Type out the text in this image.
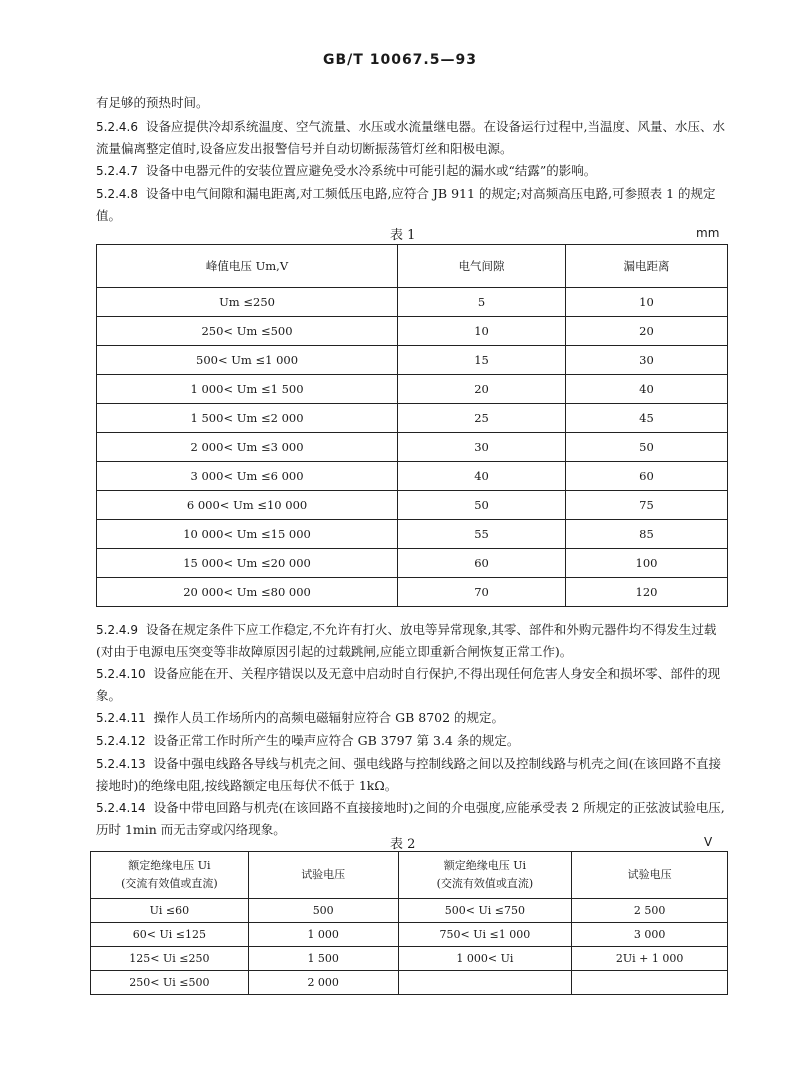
GB/T 10067.5—93

有足够的预热时间。

5.2.4.6 设备应提供冷却系统温度、空气流量、水压或水流量继电器。在设备运行过程中,当温度、风量、水压、水流量偏离整定值时,设备应发出报警信号并自动切断振荡管灯丝和阳极电源。

5.2.4.7 设备中电器元件的安装位置应避免受水冷系统中可能引起的漏水或“结露”的影响。

5.2.4.8 设备中电气间隙和漏电距离,对工频低压电路,应符合 JB 911 的规定;对高频高压电路,可参照表 1 的规定值。

表 1	mm
峰值电压 Um,V	电气间隙	漏电距离
Um ≤250	5	10
250< Um ≤500	10	20
500< Um ≤1 000	15	30
1 000< Um ≤1 500	20	40
1 500< Um ≤2 000	25	45
2 000< Um ≤3 000	30	50
3 000< Um ≤6 000	40	60
6 000< Um ≤10 000	50	75
10 000< Um ≤15 000	55	85
15 000< Um ≤20 000	60	100
20 000< Um ≤80 000	70	120

5.2.4.9 设备在规定条件下应工作稳定,不允许有打火、放电等异常现象,其零、部件和外购元器件均不得发生过载(对由于电源电压突变等非故障原因引起的过载跳闸,应能立即重新合闸恢复正常工作)。

5.2.4.10 设备应能在开、关程序错误以及无意中启动时自行保护,不得出现任何危害人身安全和损坏零、部件的现象。

5.2.4.11 操作人员工作场所内的高频电磁辐射应符合 GB 8702 的规定。

5.2.4.12 设备正常工作时所产生的噪声应符合 GB 3797 第 3.4 条的规定。

5.2.4.13 设备中强电线路各导线与机壳之间、强电线路与控制线路之间以及控制线路与机壳之间(在该回路不直接接地时)的绝缘电阻,按线路额定电压每伏不低于 1kΩ。

5.2.4.14 设备中带电回路与机壳(在该回路不直接接地时)之间的介电强度,应能承受表 2 所规定的正弦波试验电压,历时 1min 而无击穿或闪络现象。

表 2	V
额定绝缘电压 Ui
(交流有效值或直流)	试验电压	额定绝缘电压 Ui
(交流有效值或直流)	试验电压
Ui ≤60	500	500< Ui ≤750	2 500
60< Ui ≤125	1 000	750< Ui ≤1 000	3 000
125< Ui ≤250	1 500	1 000< Ui	2Ui + 1 000
250< Ui ≤500	2 000		
